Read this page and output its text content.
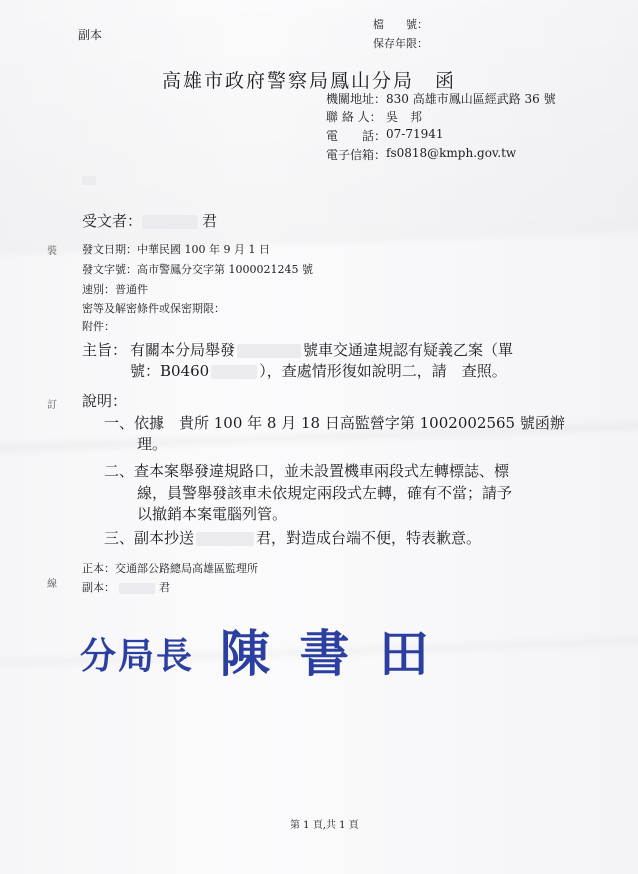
副本
檔　　號：
保存年限：
高雄市政府警察局鳳山分局　函
機關地址： 830 高雄市鳳山區經武路 36 號
聯 絡 人： 吳　邦
電　　話： 07-71941
電子信箱： fs0818@kmph.gov.tw
受文者：	君
裝
訂
線
發文日期：中華民國 100 年 9 月 1 日
發文字號：高市警鳳分交字第 1000021245 號
速別：普通件
密等及解密條件或保密期限：
附件：
主旨： 有關本分局舉發	號車交通違規認有疑義乙案（單
號：B0460	），查處情形復如說明二，請　查照。
說明：
一、依據　貴所 100 年 8 月 18 日高監營字第 1002002565 號函辦
理。
二、查本案舉發違規路口，並未設置機車兩段式左轉標誌、標
線，員警舉發該車未依規定兩段式左轉，確有不當；請予
以撤銷本案電腦列管。
三、副本抄送	君，對造成台端不便，特表歉意。
正本：交通部公路總局高雄區監理所
副本：	君
分局長 陳 書 田
第 1 頁,共 1 頁
